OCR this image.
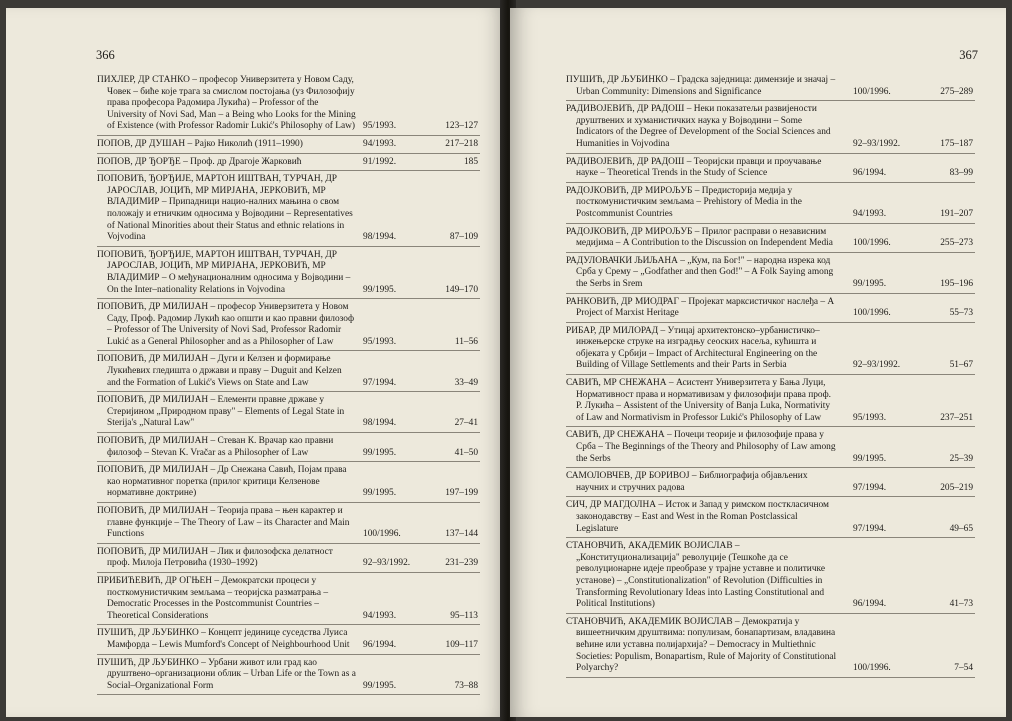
366
ПИХЛЕР, ДР СТАНКО – професор Универзитета у Новом Саду, Човек – биће које трага за смислом постојања (уз Филозофију права професора Радомира Лукића) – Professor of the University of Novi Sad, Man – a Being who Looks for the Mining of Existence (with Professor Radomir Lukić's Philosophy of Law) 95/1993.	123–127
ПОПОВ, ДР ДУШАН – Рајко Николић (1911–1990)	94/1993.	217–218
ПОПОВ, ДР ЂОРЂЕ – Проф. др Драгоје Жарковић	91/1992.	185
ПОПОВИЋ, ЂОРЂИЈЕ, МАРТОН ИШТВАН, ТУРЧАН, ДР ЈАРОСЛАВ, ЈОЦИЋ, МР МИРЈАНА, ЈЕРКОВИЋ, МР ВЛАДИМИР – Припадници нацио-налних мањина о свом положају и етничким односима у Војводини – Representatives of National Minorities about their Status and ethnic relations in Vojvodina	98/1994.	87–109
ПОПОВИЋ, ЂОРЂИЈЕ, МАРТОН ИШТВАН, ТУРЧАН, ДР ЈАРОСЛАВ, ЈОЦИЋ, МР МИРЈАНА, ЈЕРКОВИЋ, МР ВЛАДИМИР – О међунационалним односима у Војводини – On the Inter–nationality Relations in Vojvodina	99/1995.	149–170
ПОПОВИЋ, ДР МИЛИЈАН – професор Универзитета у Новом Саду, Проф. Радомир Лукић као општи и као правни филозоф – Professor of The University of Novi Sad, Professor Radomir Lukić as a General Philosopher and as a Philosopher of Law	95/1993.	11–56
ПОПОВИЋ, ДР МИЛИЈАН – Дуги и Келзен и формирање Лукићевих гледишта о држави и праву – Duguit and Kelzen and the Formation of Lukić's Views on State and Law	97/1994.	33–49
ПОПОВИЋ, ДР МИЛИЈАН – Елементи правне државе у Стеријином „Природном праву" – Elements of Legal State in Sterija's „Natural Law"	98/1994.	27–41
ПОПОВИЋ, ДР МИЛИЈАН – Стеван К. Врачар као правни филозоф – Stevan K. Vračar as a Philosopher of Law	99/1995.	41–50
ПОПОВИЋ, ДР МИЛИЈАН – Др Снежана Савић, Појам права као нормативног поретка (прилог критици Келзенове нормативне доктрине)	99/1995.	197–199
ПОПОВИЋ, ДР МИЛИЈАН – Теорија права – њен карактер и главне функције – The Theory of Law – its Character and Main Functions	100/1996.	137–144
ПОПОВИЋ, ДР МИЛИЈАН – Лик и филозофска делатност проф. Милоја Петровића (1930–1992)	92–93/1992.	231–239
ПРИБИЋЕВИЋ, ДР ОГЊЕН – Демократски процеси у посткомунистичким земљама – теоријска разматрања – Democratic Processes in the Postcommunist Countries – Theoretical Considerations	94/1993.	95–113
ПУШИЋ, ДР ЉУБИНКО – Концепт јединице суседства Луиса Мамфорда – Lewis Mumford's Concept of Neighbourhood Unit	96/1994.	109–117
ПУШИЋ, ДР ЉУБИНКО – Урбани живот или град као друштвено–организациони облик – Urban Life or the Town as a Social–Organizational Form	99/1995.	73–88
367
ПУШИЋ, ДР ЉУБИНКО – Градска заједница: димензије и значај – Urban Community: Dimensions and Significance	100/1996.	275–289
РАДИВОЈЕВИЋ, ДР РАДОШ – Неки показатељи развијености друштвених и хуманистичких наука у Војводини – Some Indicators of the Degree of Development of the Social Sciences and Humanities in Vojvodina	92–93/1992.	175–187
РАДИВОЈЕВИЋ, ДР РАДОШ – Теоријски правци и проучавање науке – Theoretical Trends in the Study of Science	96/1994.	83–99
РАДОЈКОВИЋ, ДР МИРОЉУБ – Предисторија медија у посткомунистичким земљама – Prehistory of Media in the Postcommunist Countries	94/1993.	191–207
РАДОЈКОВИЋ, ДР МИРОЉУБ – Прилог расправи о независним медијима – A Contribution to the Discussion on Independent Media	100/1996.	255–273
РАДУЛОВАЧКИ ЉИЉАНА – „Кум, па Бог!" – народна изрека код Срба у Срему – „Godfather and then God!" – A Folk Saying among the Serbs in Srem	99/1995.	195–196
РАНКОВИЋ, ДР МИОДРАГ – Пројекат марксистичког наслеђа – A Project of Marxist Heritage	100/1996.	55–73
РИБАР, ДР МИЛОРАД – Утицај архитектонско–урбанистичко–инжењерске струке на изградњу сеоских насеља, кућишта и објеката у Србији – Impact of Architectural Engineering on the Building of Village Settlements and their Parts in Serbia	92–93/1992.	51–67
САВИЋ, МР СНЕЖАНА – Асистент Универзитета у Бања Луци, Нормативност права и нормативизам у филозофији права проф. Р. Лукића – Assistent of the University of Banja Luka, Normativity of Law and Normativism in Professor Lukić's Philosophy of Law	95/1993.	237–251
САВИЋ, ДР СНЕЖАНА – Почеци теорије и филозофије права у Срба – The Beginnings of the Theory and Philosophy of Law among the Serbs	99/1995.	25–39
САМОЛОВЧЕВ, ДР БОРИВОЈ – Библиографија објављених научних и стручних радова	97/1994.	205–219
СИЧ, ДР МАГДОЛНА – Исток и Запад у римском посткласичном законодавству – East and West in the Roman Postclassical Legislature	97/1994.	49–65
СТАНОВЧИЋ, АКАДЕМИК ВОЈИСЛАВ – „Конституционализација" револуције (Тешкоће да се револуционарне идеје преобразе у трајне уставне и политичке установе) – „Constitutionalization" of Revolution (Difficulties in Transforming Revolutionary Ideas into Lasting Constitutional and Political Institutions)	96/1994.	41–73
СТАНОВЧИЋ, АКАДЕМИК ВОЈИСЛАВ – Демократија у вишеетничким друштвима: популизам, бонапартизам, владавина већине или уставна полијархија? – Democracy in Multiethnic Societies: Populism, Bonapartism, Rule of Majority of Constitutional Polyarchy?	100/1996.	7–54
